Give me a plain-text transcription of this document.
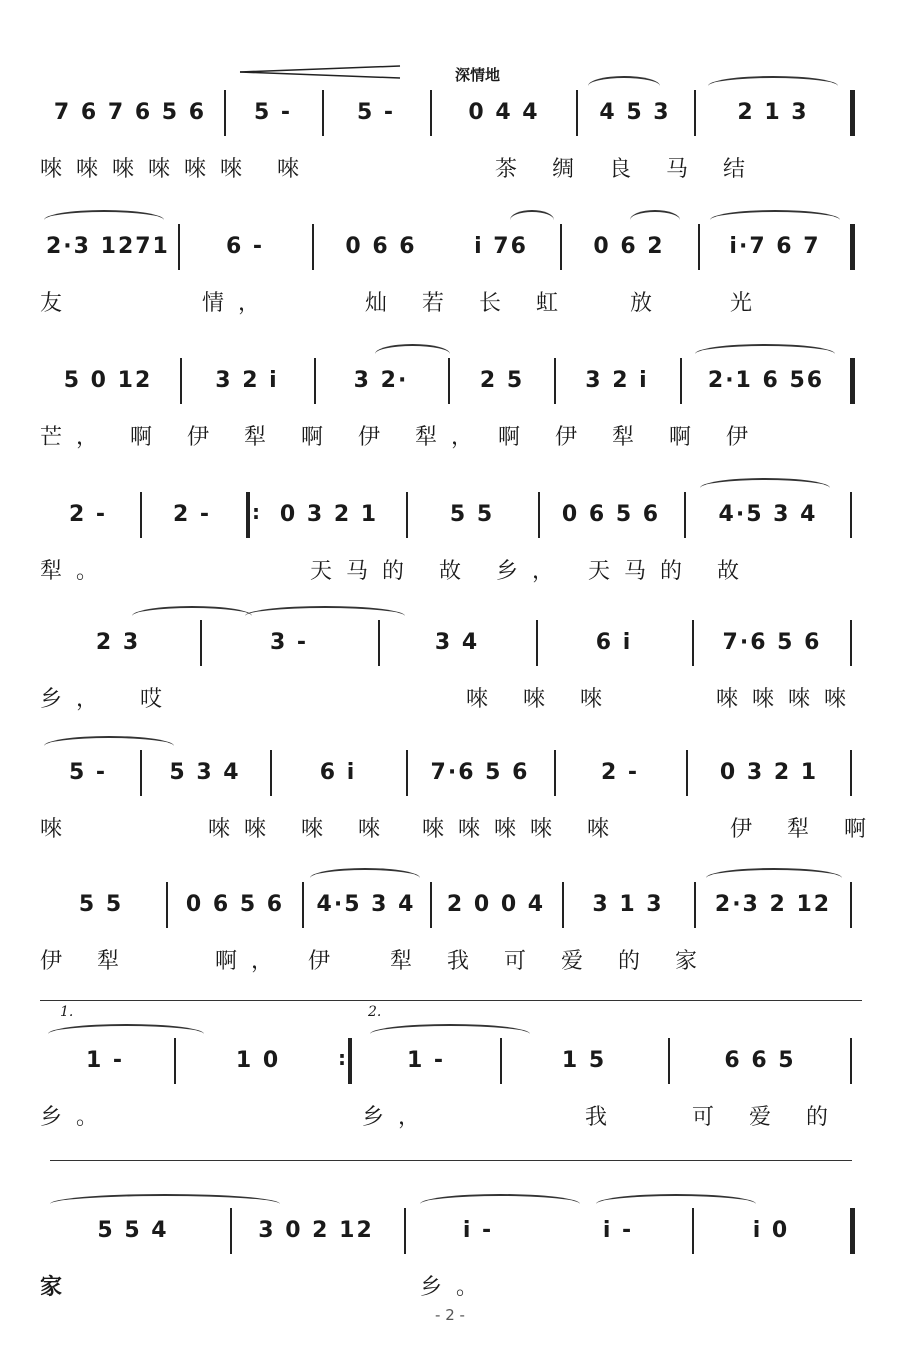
深情地
7 6 7 6 5 6	5 -	5 -	0 4 4	4 5 3	2 1 3
唻唻唻唻唻唻 唻	茶 绸 良 马 结
2·3 1271	6 -	0 6 6	i 76	0 6 2	i·7 6 7
友	情，	灿 若 长 虹	放	光
5 0 12	3 2 i	3 2·	2 5	3 2 i	2·1 6 56
芒， 啊 伊 犁 啊 伊 犁， 啊 伊 犁 啊 伊
2 -	2 - :	0 3 2 1	5 5	0 6 5 6	4·5 3 4
犁。	天马的 故 乡， 天马的 故
2 3	3 -	3 4	6 i	7·6 5 6
乡， 哎	唻 唻 唻	唻唻唻唻
5 -	5 3 4	6 i	7·6 5 6	2 -	0 3 2 1
唻	唻唻 唻 唻 唻唻唻唻 唻	伊 犁 啊
5 5	0 6 5 6	4·5 3 4	2 0 0 4	3 1 3	2·3 2 12
伊 犁	啊， 伊 犁 我 可 爱 的 家
1.	2.
1 -	1 0 :	1 -	1 5	6 6 5
乡。	乡，	我	可 爱 的
5 5 4	3 0 2 12	i -	i -	i 0
家	乡。
- 2 -
